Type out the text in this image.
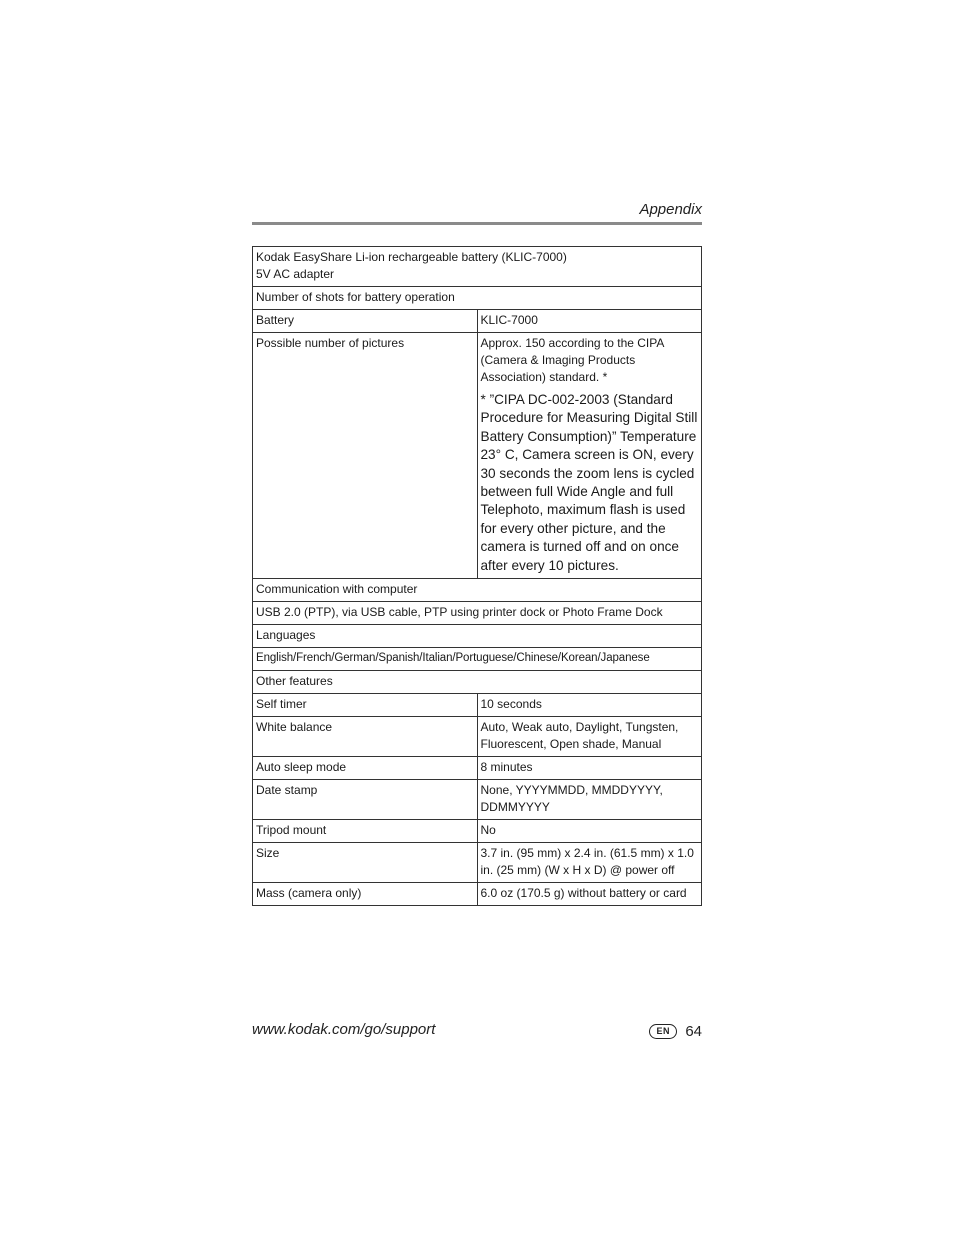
Appendix
Kodak EasyShare Li-ion rechargeable battery (KLIC-7000)
5V AC adapter	
Number of shots for battery operation	
Battery	KLIC-7000
Possible number of pictures	Approx. 150 according to the CIPA (Camera & Imaging Products Association) standard. *
* ”CIPA DC-002-2003 (Standard Procedure for Measuring Digital Still Battery Consumption)” Temperature 23° C, Camera screen is ON, every 30 seconds the zoom lens is cycled between full Wide Angle and full Telephoto, maximum flash is used for every other picture, and the camera is turned off and on once after every 10 pictures.

Communication with computer	
USB 2.0 (PTP), via USB cable, PTP using printer dock or Photo Frame Dock	
Languages	
English/French/German/Spanish/Italian/Portuguese/Chinese/Korean/Japanese	
Other features	
Self timer	10 seconds
White balance	Auto, Weak auto, Daylight, Tungsten, Fluorescent, Open shade, Manual
Auto sleep mode	8 minutes
Date stamp	None, YYYYMMDD, MMDDYYYY, DDMMYYYY
Tripod mount	No
Size	3.7 in. (95 mm) x 2.4 in. (61.5 mm) x 1.0 in. (25 mm) (W x H x D) @ power off
Mass (camera only)	6.0 oz (170.5 g) without battery or card
www.kodak.com/go/support	EN	64
